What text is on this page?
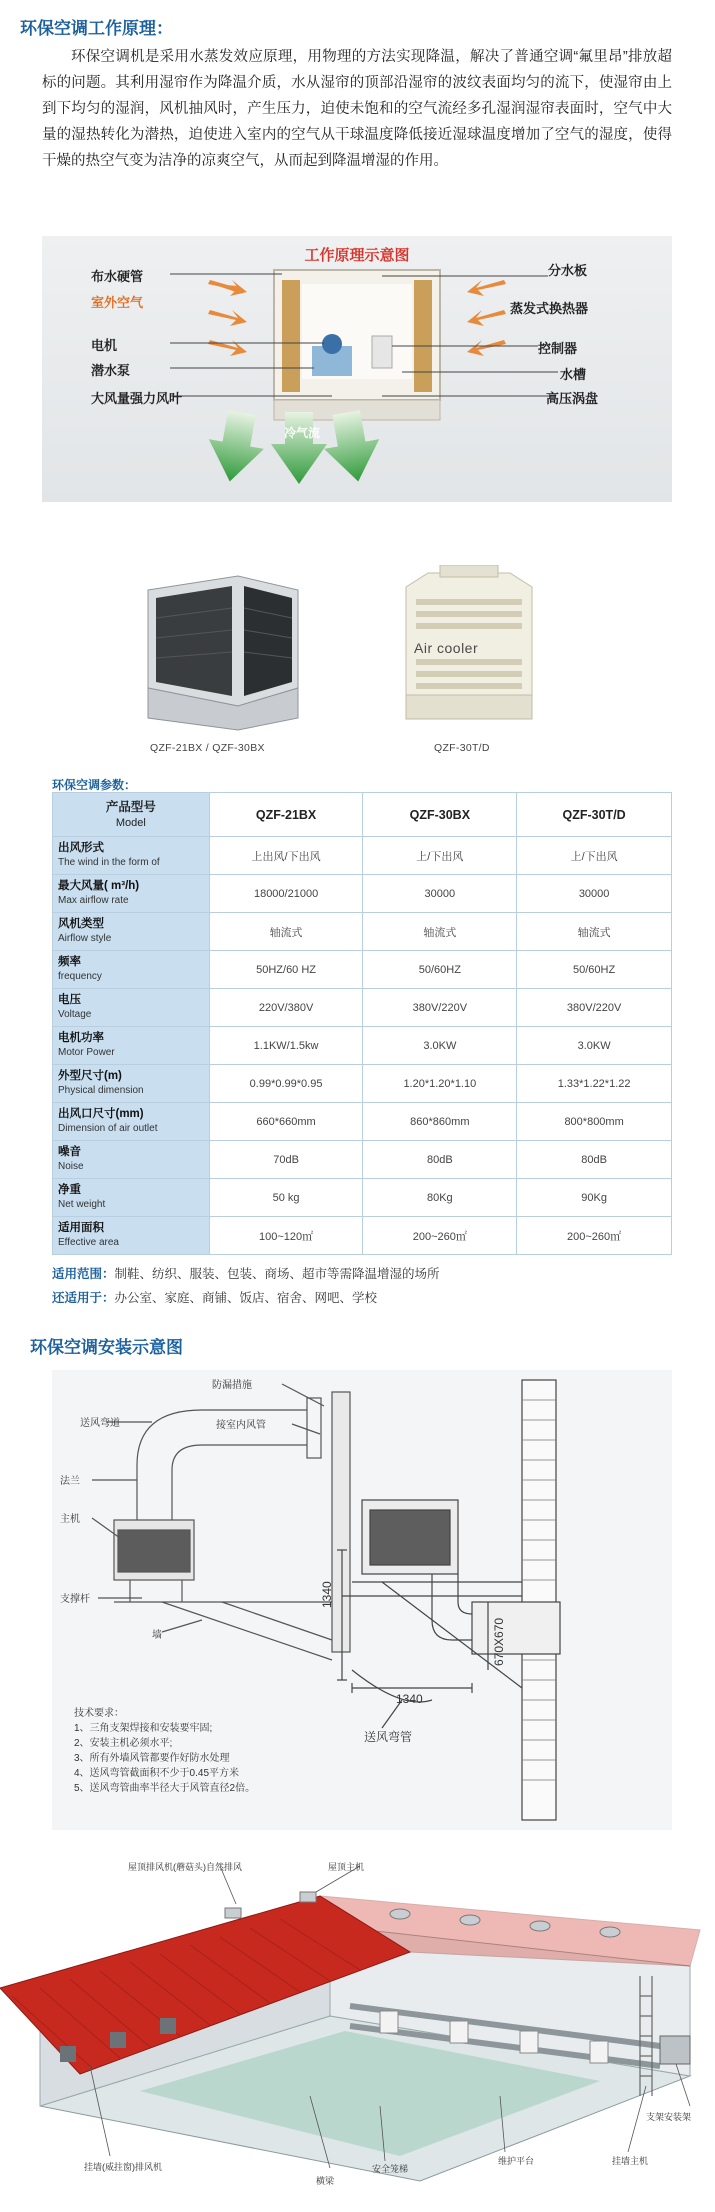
环保空调工作原理：
环保空调机是采用水蒸发效应原理，用物理的方法实现降温，解决了普通空调“氟里昂”排放超标的问题。其利用湿帘作为降温介质，水从湿帘的顶部沿湿帘的波纹表面均匀的流下，使湿帘由上到下均匀的湿润，风机抽风时，产生压力，迫使未饱和的空气流经多孔湿润湿帘表面时，空气中大量的湿热转化为潜热，迫使进入室内的空气从干球温度降低接近湿球温度增加了空气的湿度，使得干燥的热空气变为洁净的凉爽空气，从而起到降温增湿的作用。
工作原理示意图
布水硬管
室外空气
电机
潜水泵
大风量强力风叶
分水板
蒸发式换热器
控制器
水槽
高压涡盘
冷气流
Air cooler
QZF-21BX / QZF-30BX	QZF-30T/D
环保空调参数：
产品型号
Model	QZF-21BX	QZF-30BX	QZF-30T/D

出风形式
The wind in the form of	上出风/下出风	上/下出风	上/下出风

最大风量( m³/h)
Max airflow rate	18000/21000	30000	30000

风机类型
Airflow style	轴流式	轴流式	轴流式

频率
frequency	50HZ/60 HZ	50/60HZ	50/60HZ

电压
Voltage	220V/380V	380V/220V	380V/220V

电机功率
Motor Power	1.1KW/1.5kw	3.0KW	3.0KW

外型尺寸(m)
Physical dimension	0.99*0.99*0.95	1.20*1.20*1.10	1.33*1.22*1.22

出风口尺寸(mm)
Dimension of air outlet	660*660mm	860*860mm	800*800mm

噪音
Noise	70dB	80dB	80dB

净重
Net weight	50 kg	80Kg	90Kg

适用面积
Effective area	100~120㎡	200~260㎡	200~260㎡
适用范围：制鞋、纺织、服装、包装、商场、超市等需降温增湿的场所
还适用于：办公室、家庭、商铺、饭店、宿舍、网吧、学校
环保空调安装示意图
送风弯道
防漏措施
接室内风管
法兰
主机
支撑杆
墙
1340
1340
670X670
送风弯管
技术要求：
1、三角支架焊接和安装要牢固;
2、安装主机必须水平;
3、所有外墙风管都要作好防水处理
4、送风弯管截面积不少于0.45平方米
5、送风弯管曲率半径大于风管直径2倍。
屋顶排风机(蘑菇头)自然排风	屋顶主机
挂墙(威拄窗)排风机
横梁
安全笼梯
维护平台	挂墙主机
支架安装架
